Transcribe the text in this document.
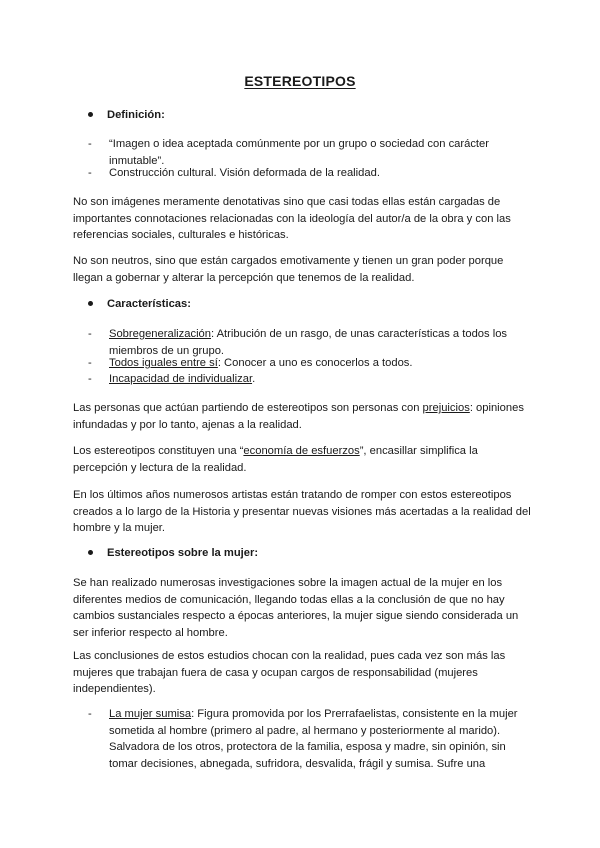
ESTEREOTIPOS
Definición:
- “Imagen o idea aceptada comúnmente por un grupo o sociedad con carácter inmutable”.
- Construcción cultural. Visión deformada de la realidad.

No son imágenes meramente denotativas sino que casi todas ellas están cargadas de importantes connotaciones relacionadas con la ideología del autor/a de la obra y con las referencias sociales, culturales e históricas.

No son neutros, sino que están cargados emotivamente y tienen un gran poder porque llegan a gobernar y alterar la percepción que tenemos de la realidad.

Características:
- Sobregeneralización: Atribución de un rasgo, de unas características a todos los miembros de un grupo.
- Todos iguales entre sí: Conocer a uno es conocerlos a todos.
- Incapacidad de individualizar.

Las personas que actúan partiendo de estereotipos son personas con prejuicios: opiniones infundadas y por lo tanto, ajenas a la realidad.

Los estereotipos constituyen una “economía de esfuerzos”, encasillar simplifica la percepción y lectura de la realidad.

En los últimos años numerosos artistas están tratando de romper con estos estereotipos creados a lo largo de la Historia y presentar nuevas visiones más acertadas a la realidad del hombre y la mujer.

Estereotipos sobre la mujer:

Se han realizado numerosas investigaciones sobre la imagen actual de la mujer en los diferentes medios de comunicación, llegando todas ellas a la conclusión de que no hay cambios sustanciales respecto a épocas anteriores, la mujer sigue siendo considerada un ser inferior respecto al hombre.

Las conclusiones de estos estudios chocan con la realidad, pues cada vez son más las mujeres que trabajan fuera de casa y ocupan cargos de responsabilidad (mujeres independientes).

- La mujer sumisa: Figura promovida por los Prerrafaelistas, consistente en la mujer sometida al hombre (primero al padre, al hermano y posteriormente al marido). Salvadora de los otros, protectora de la familia, esposa y madre, sin opinión, sin tomar decisiones, abnegada, sufridora, desvalida, frágil y sumisa. Sufre una
